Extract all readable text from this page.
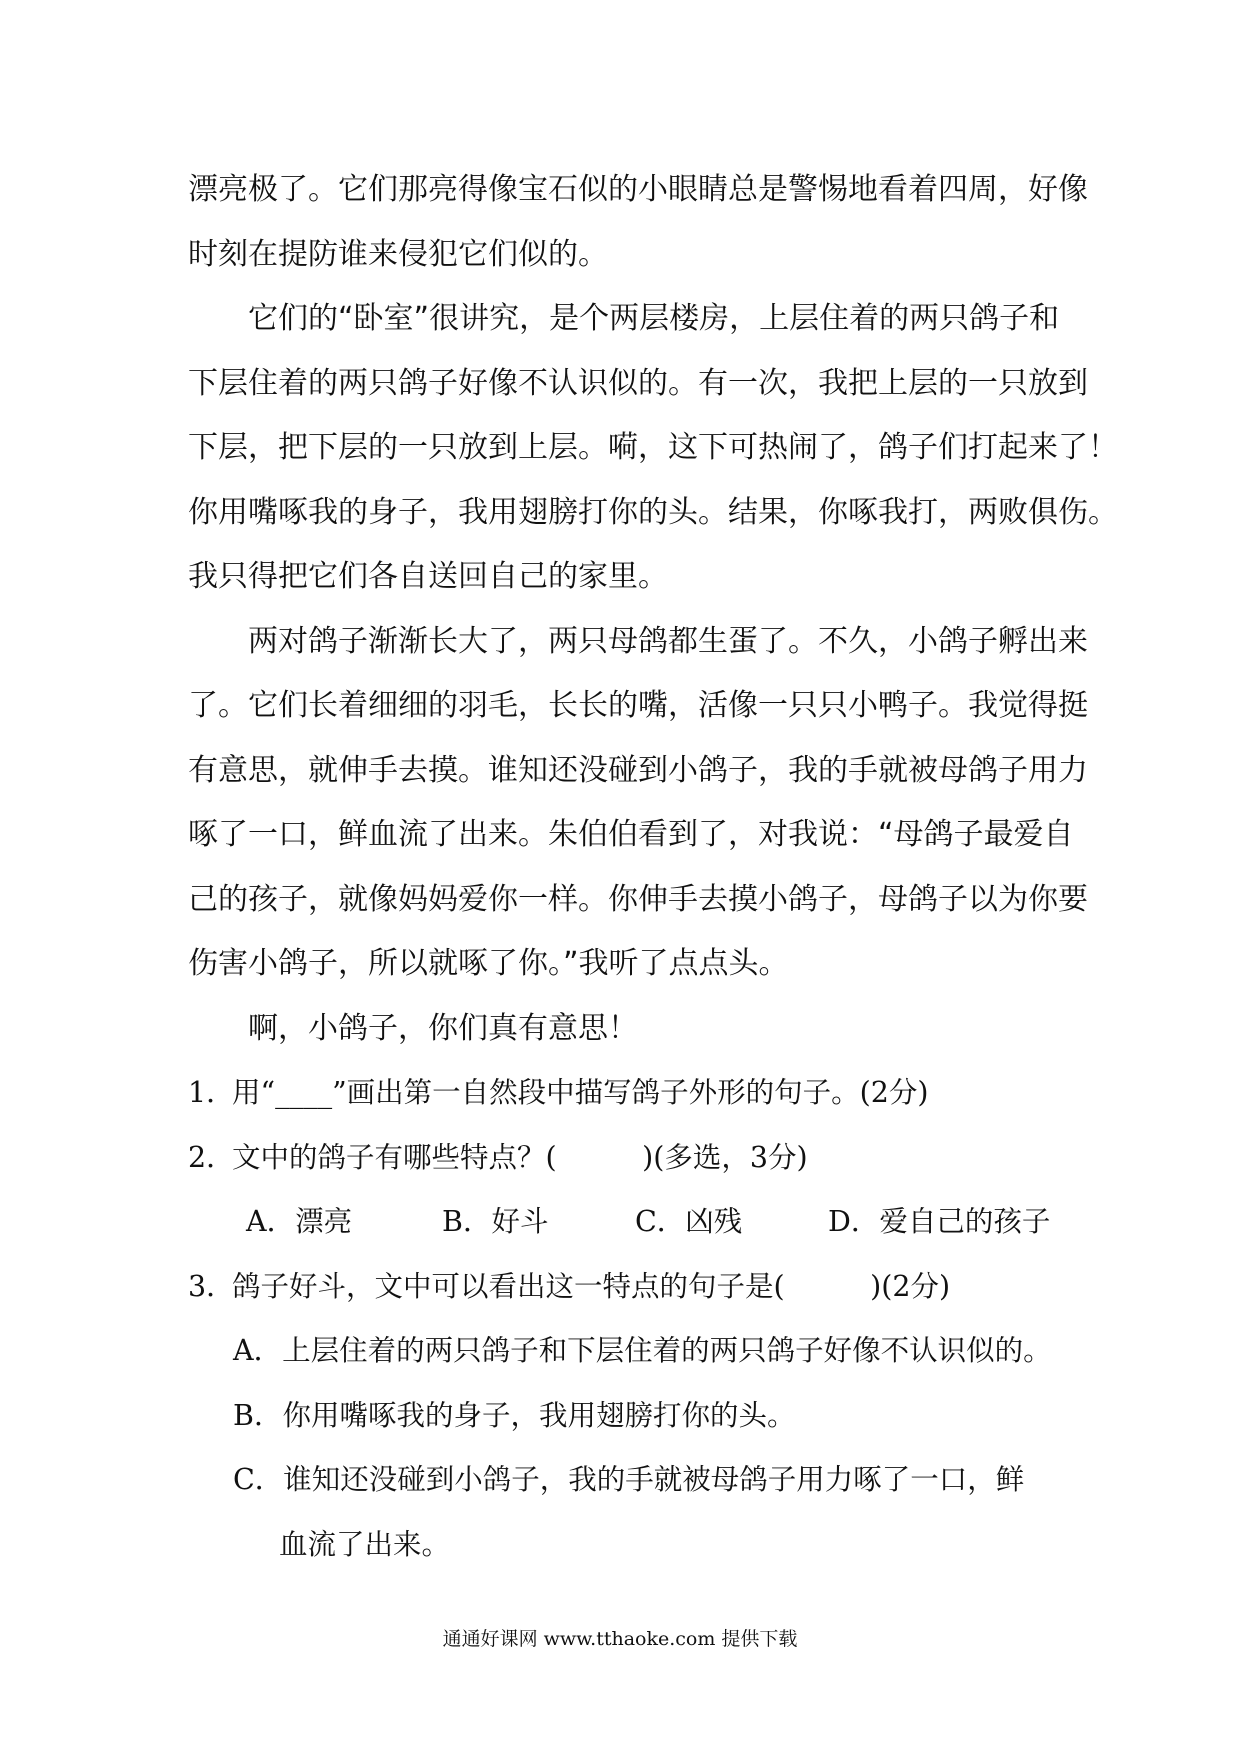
漂亮极了。它们那亮得像宝石似的小眼睛总是警惕地看着四周，好像

时刻在提防谁来侵犯它们似的。

它们的“卧室”很讲究，是个两层楼房，上层住着的两只鸽子和

下层住着的两只鸽子好像不认识似的。有一次，我把上层的一只放到

下层，把下层的一只放到上层。嗬，这下可热闹了，鸽子们打起来了！

你用嘴啄我的身子，我用翅膀打你的头。结果，你啄我打，两败俱伤。

我只得把它们各自送回自己的家里。

两对鸽子渐渐长大了，两只母鸽都生蛋了。不久，小鸽子孵出来

了。它们长着细细的羽毛，长长的嘴，活像一只只小鸭子。我觉得挺

有意思，就伸手去摸。谁知还没碰到小鸽子，我的手就被母鸽子用力

啄了一口，鲜血流了出来。朱伯伯看到了，对我说：“母鸽子最爱自

己的孩子，就像妈妈爱你一样。你伸手去摸小鸽子，母鸽子以为你要

伤害小鸽子，所以就啄了你。”我听了点点头。

啊，小鸽子，你们真有意思！

1．用“____”画出第一自然段中描写鸽子外形的句子。(2分)

2．文中的鸽子有哪些特点？(　　　)(多选，3分)

A．漂亮	B．好斗	C．凶残	D．爱自己的孩子

3．鸽子好斗，文中可以看出这一特点的句子是(　　　)(2分)

A．上层住着的两只鸽子和下层住着的两只鸽子好像不认识似的。

B．你用嘴啄我的身子，我用翅膀打你的头。

C．谁知还没碰到小鸽子，我的手就被母鸽子用力啄了一口，鲜

血流了出来。

通通好课网 www.tthaoke.com 提供下载
